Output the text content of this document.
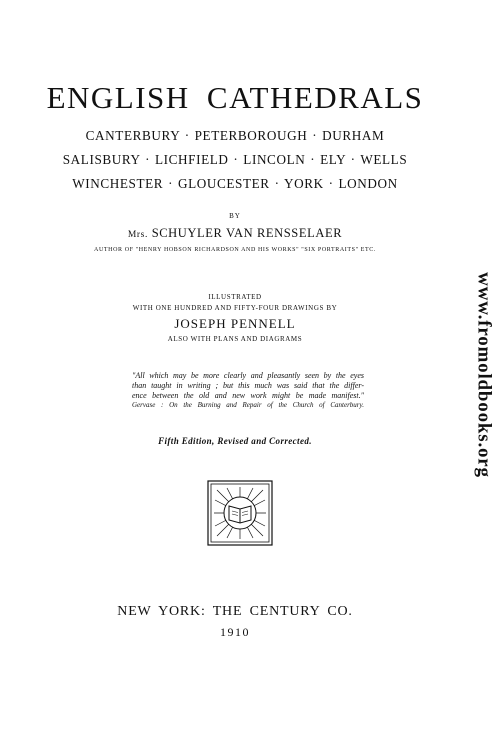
ENGLISH CATHEDRALS
CANTERBURY · PETERBOROUGH · DURHAM
SALISBURY · LICHFIELD · LINCOLN · ELY · WELLS
WINCHESTER · GLOUCESTER · YORK · LONDON
BY
Mrs. SCHUYLER VAN RENSSELAER
AUTHOR OF "HENRY HOBSON RICHARDSON AND HIS WORKS" "SIX PORTRAITS" ETC.
ILLUSTRATED
WITH ONE HUNDRED AND FIFTY-FOUR DRAWINGS BY
JOSEPH PENNELL
ALSO WITH PLANS AND DIAGRAMS
"All which may be more clearly and pleasantly seen by the eyes
than taught in writing ; but this much was said that the differ-
ence between the old and new work might be made manifest."
Gervase : On the Burning and Repair of the Church of Canterbury.
Fifth Edition, Revised and Corrected.
NEW YORK: THE CENTURY CO.
1910
www.fromoldbooks.org
